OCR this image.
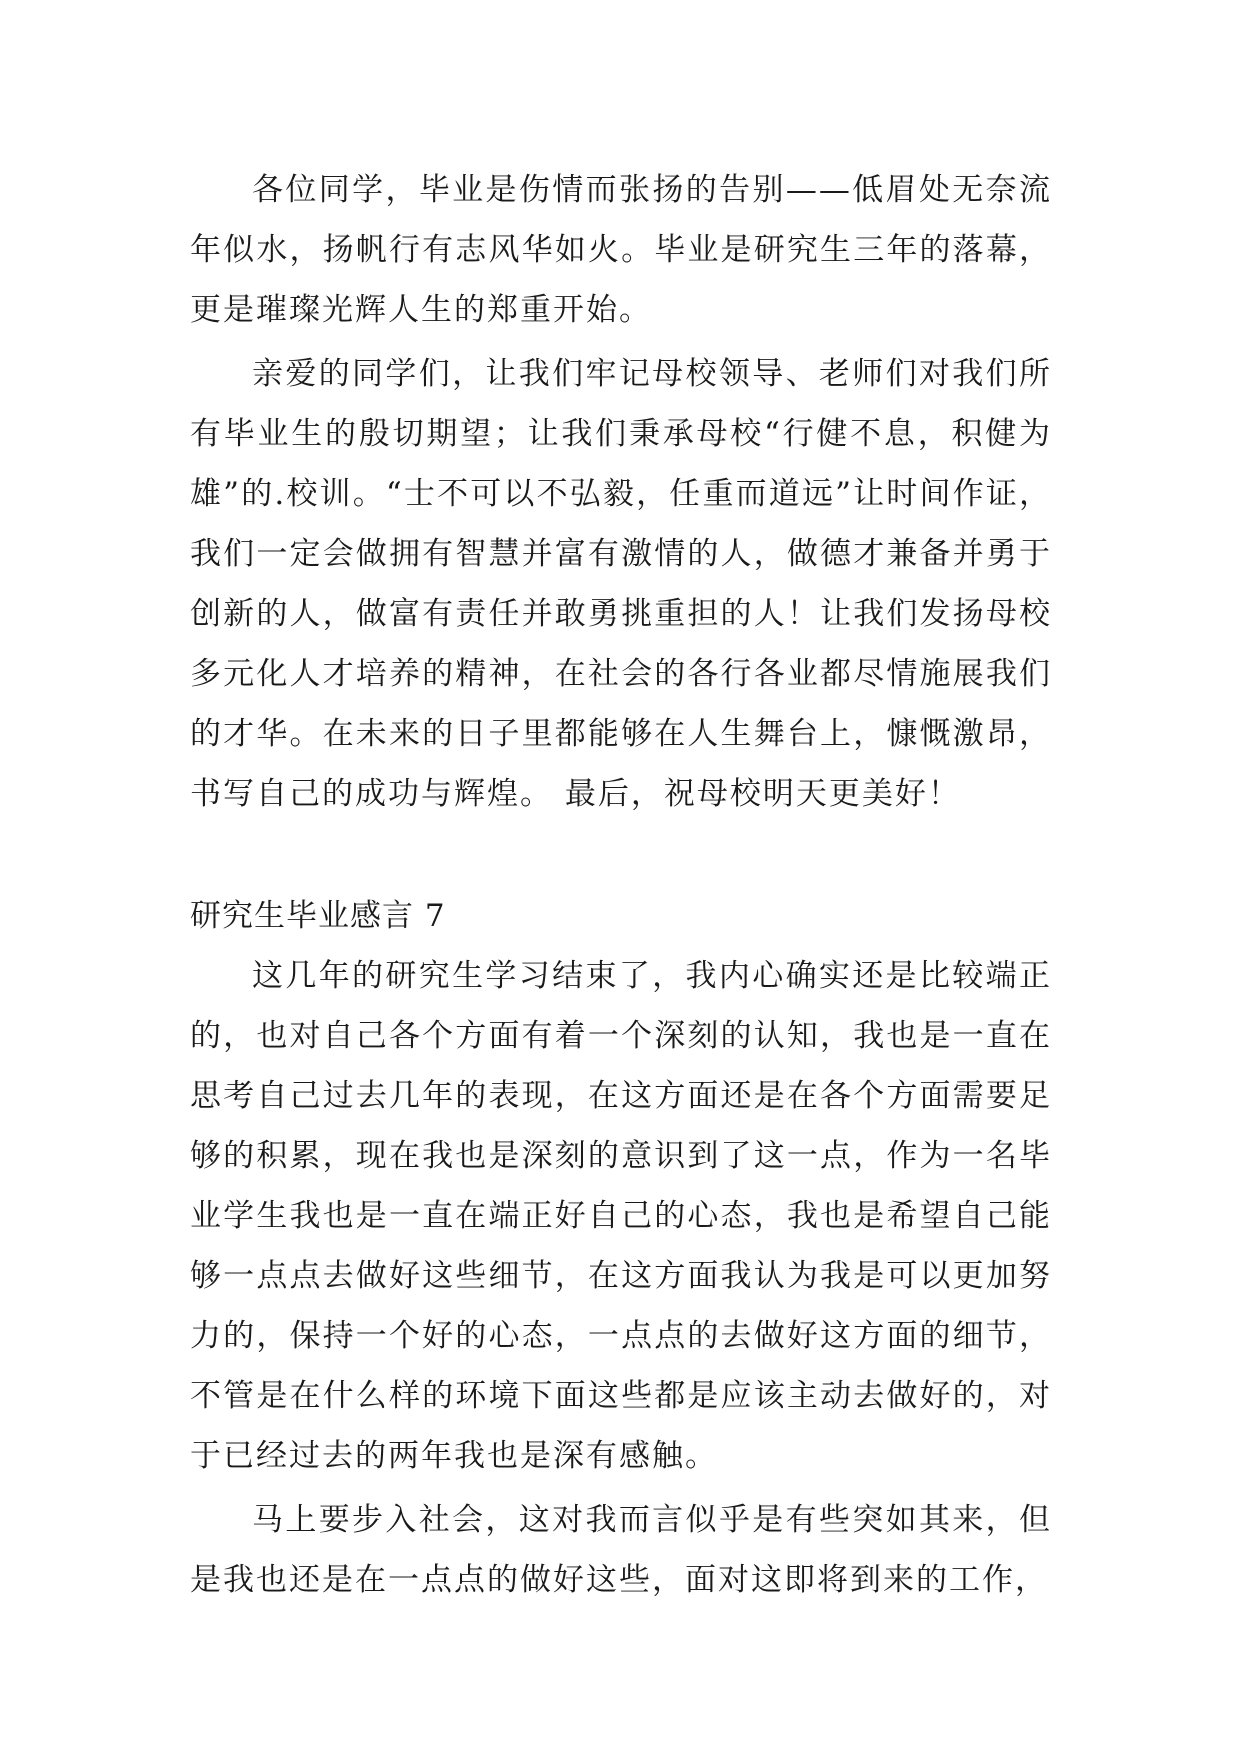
各位同学，毕业是伤情而张扬的告别——低眉处无奈流年似水，扬帆行有志风华如火。毕业是研究生三年的落幕，更是璀璨光辉人生的郑重开始。

亲爱的同学们，让我们牢记母校领导、老师们对我们所有毕业生的殷切期望；让我们秉承母校“行健不息，积健为雄”的.校训。“士不可以不弘毅，任重而道远”让时间作证，我们一定会做拥有智慧并富有激情的人，做德才兼备并勇于创新的人，做富有责任并敢勇挑重担的人！让我们发扬母校多元化人才培养的精神，在社会的各行各业都尽情施展我们的才华。在未来的日子里都能够在人生舞台上，慷慨激昂，书写自己的成功与辉煌。 最后，祝母校明天更美好！

研究生毕业感言 7

这几年的研究生学习结束了，我内心确实还是比较端正的，也对自己各个方面有着一个深刻的认知，我也是一直在思考自己过去几年的表现，在这方面还是在各个方面需要足够的积累，现在我也是深刻的意识到了这一点，作为一名毕业学生我也是一直在端正好自己的心态，我也是希望自己能够一点点去做好这些细节，在这方面我认为我是可以更加努力的，保持一个好的心态，一点点的去做好这方面的细节，不管是在什么样的环境下面这些都是应该主动去做好的，对于已经过去的两年我也是深有感触。

马上要步入社会，这对我而言似乎是有些突如其来，但是我也还是在一点点的做好这些，面对这即将到来的工作，
